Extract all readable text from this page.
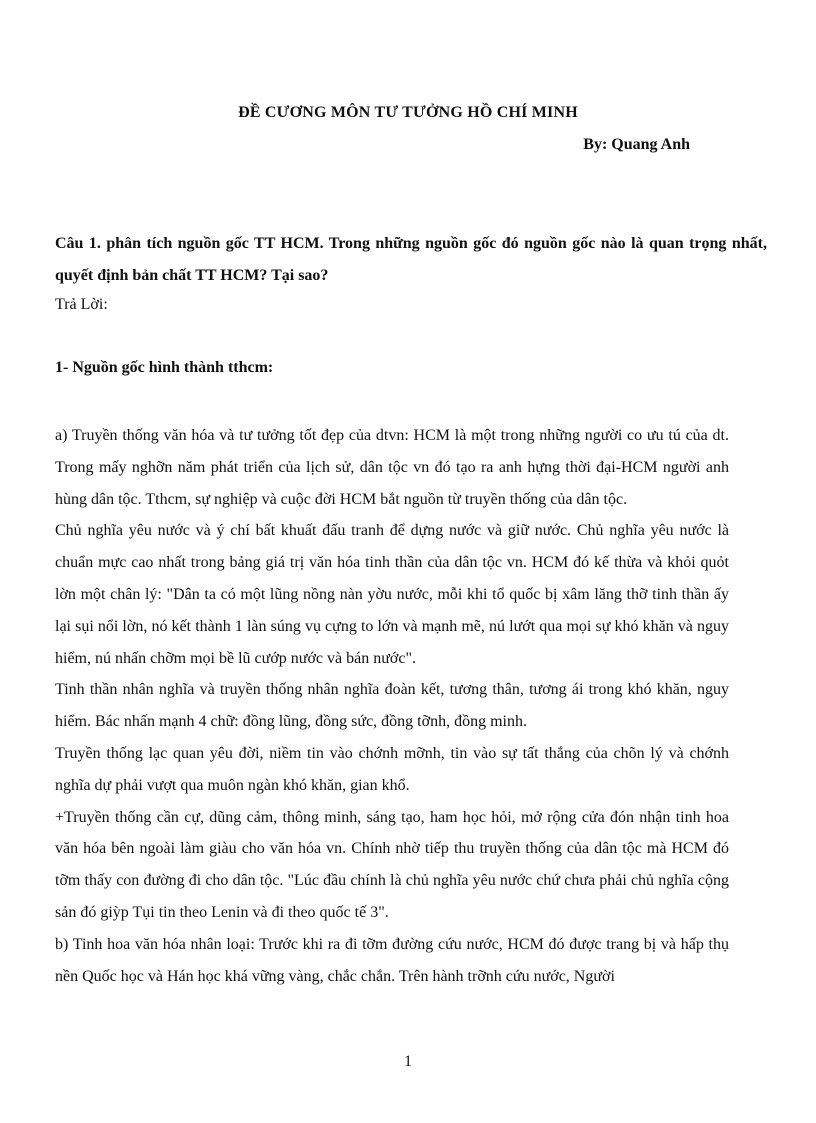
ĐỀ CƯƠNG MÔN TƯ TƯỞNG HỒ CHÍ MINH
By: Quang Anh
Câu 1. phân tích nguồn gốc TT HCM. Trong những nguồn gốc đó nguồn gốc nào là quan trọng nhất, quyết định bản chất TT HCM? Tại sao?
Trả Lời:
1- Nguồn gốc hình thành tthcm:

a) Truyền thống văn hóa và tư tưởng tốt đẹp của dtvn: HCM là một trong những người co ưu tú của dt. Trong mấy nghỡn năm phát triển của lịch sử, dân tộc vn đó tạo ra anh hựng thời đại-HCM người anh hùng dân tộc. Tthcm, sự nghiệp và cuộc đời HCM bắt nguồn từ truyền thống của dân tộc.

Chủ nghĩa yêu nước và ý chí bất khuất đấu tranh để dựng nước và giữ nước. Chủ nghĩa yêu nước là chuẩn mực cao nhất trong bảng giá trị văn hóa tinh thần của dân tộc vn. HCM đó kế thừa và khỏi quỏt lờn một chân lý: "Dân ta có một lũng nồng nàn yờu nước, mỗi khi tổ quốc bị xâm lăng thỡ tinh thần ấy lại sụi nổi lờn, nó kết thành 1 làn súng vụ cựng to lớn và mạnh mẽ, nú lướt qua mọi sự khó khăn và nguy hiểm, nú nhấn chỡm mọi bề lũ cướp nước và bán nước".

Tinh thần nhân nghĩa và truyền thống nhân nghĩa đoàn kết, tương thân, tương ái trong khó khăn, nguy hiểm. Bác nhấn mạnh 4 chữ: đồng lũng, đồng sức, đồng tỡnh, đồng minh.

Truyền thống lạc quan yêu đời, niềm tin vào chớnh mỡnh, tin vào sự tất thắng của chõn lý và chớnh nghĩa dự phải vượt qua muôn ngàn khó khăn, gian khổ.

+Truyền thống cần cự, dũng cảm, thông minh, sáng tạo, ham học hỏi, mở rộng cửa đón nhận tinh hoa văn hóa bên ngoài làm giàu cho văn hóa vn. Chính nhờ tiếp thu truyền thống của dân tộc mà HCM đó tỡm thấy con đường đi cho dân tộc. "Lúc đầu chính là chủ nghĩa yêu nước chứ chưa phải chủ nghĩa cộng sản đó giỳp Tụi tin theo Lenin và đi theo quốc tế 3".

b) Tinh hoa văn hóa nhân loại: Trước khi ra đi tỡm đường cứu nước, HCM đó được trang bị và hấp thụ nền Quốc học và Hán học khá vững vàng, chắc chắn. Trên hành trỡnh cứu nước, Người

1
